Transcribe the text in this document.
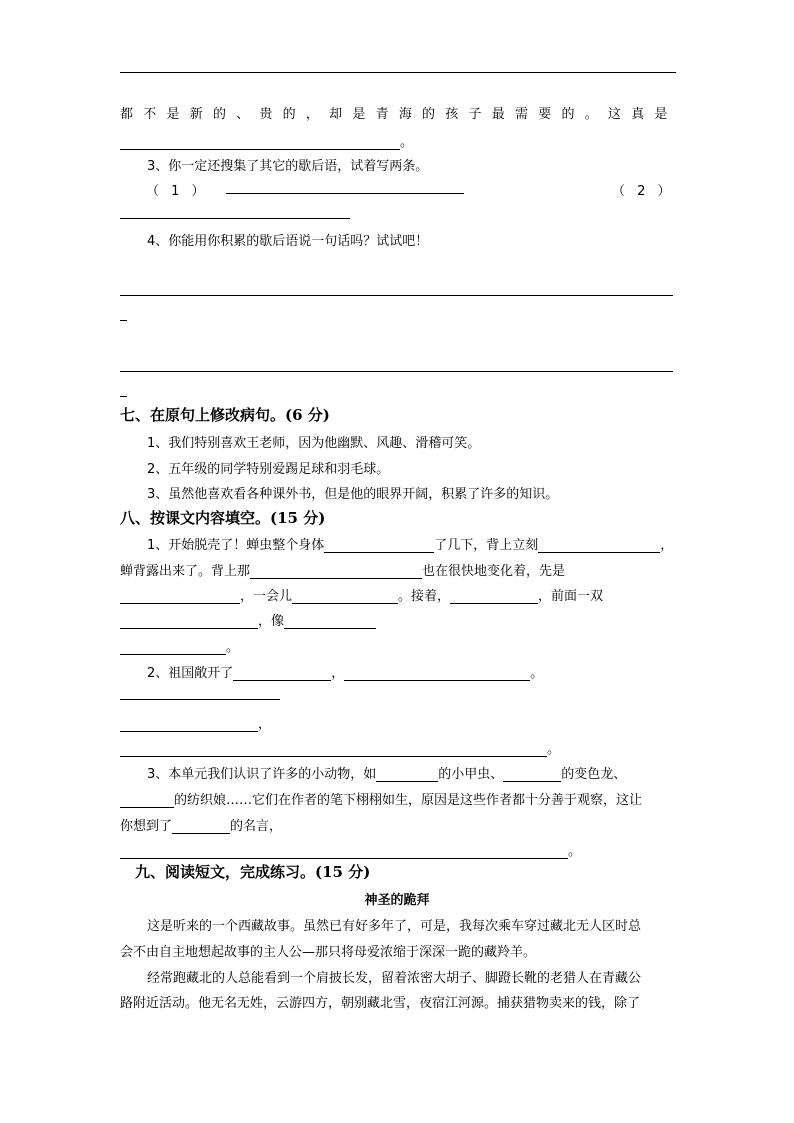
都不是新的、贵的，却是青海的孩子最需要的。这真是
。
3、你一定还搜集了其它的歇后语，试着写两条。
（ 1 ）	（ 2 ）
4、你能用你积累的歇后语说一句话吗？试试吧！
七、在原句上修改病句。(6 分)
1、我们特别喜欢王老师，因为他幽默、风趣、滑稽可笑。
2、五年级的同学特别爱踢足球和羽毛球。
3、虽然他喜欢看各种课外书，但是他的眼界开阔，积累了许多的知识。
八、按课文内容填空。(15 分)
1、开始脱壳了！蝉虫整个身体	了几下，背上立刻	，
蝉背露出来了。背上那	也在很快地变化着，先是
，一会儿	。接着，	，前面一双
，像
。
2、祖国敞开了	，	。
，
。
3、本单元我们认识了许多的小动物，如	的小甲虫、	的变色龙、
的纺织娘……它们在作者的笔下栩栩如生，原因是这些作者都十分善于观察，这让
你想到了	的名言，
。
九、阅读短文，完成练习。(15 分)
神圣的跪拜
这是听来的一个西藏故事。虽然已有好多年了，可是，我每次乘车穿过藏北无人区时总
会不由自主地想起故事的主人公—那只将母爱浓缩于深深一跪的藏羚羊。
经常跑藏北的人总能看到一个肩披长发，留着浓密大胡子、脚蹬长靴的老猎人在青藏公
路附近活动。他无名无姓，云游四方，朝别藏北雪，夜宿江河源。捕获猎物卖来的钱，除了
